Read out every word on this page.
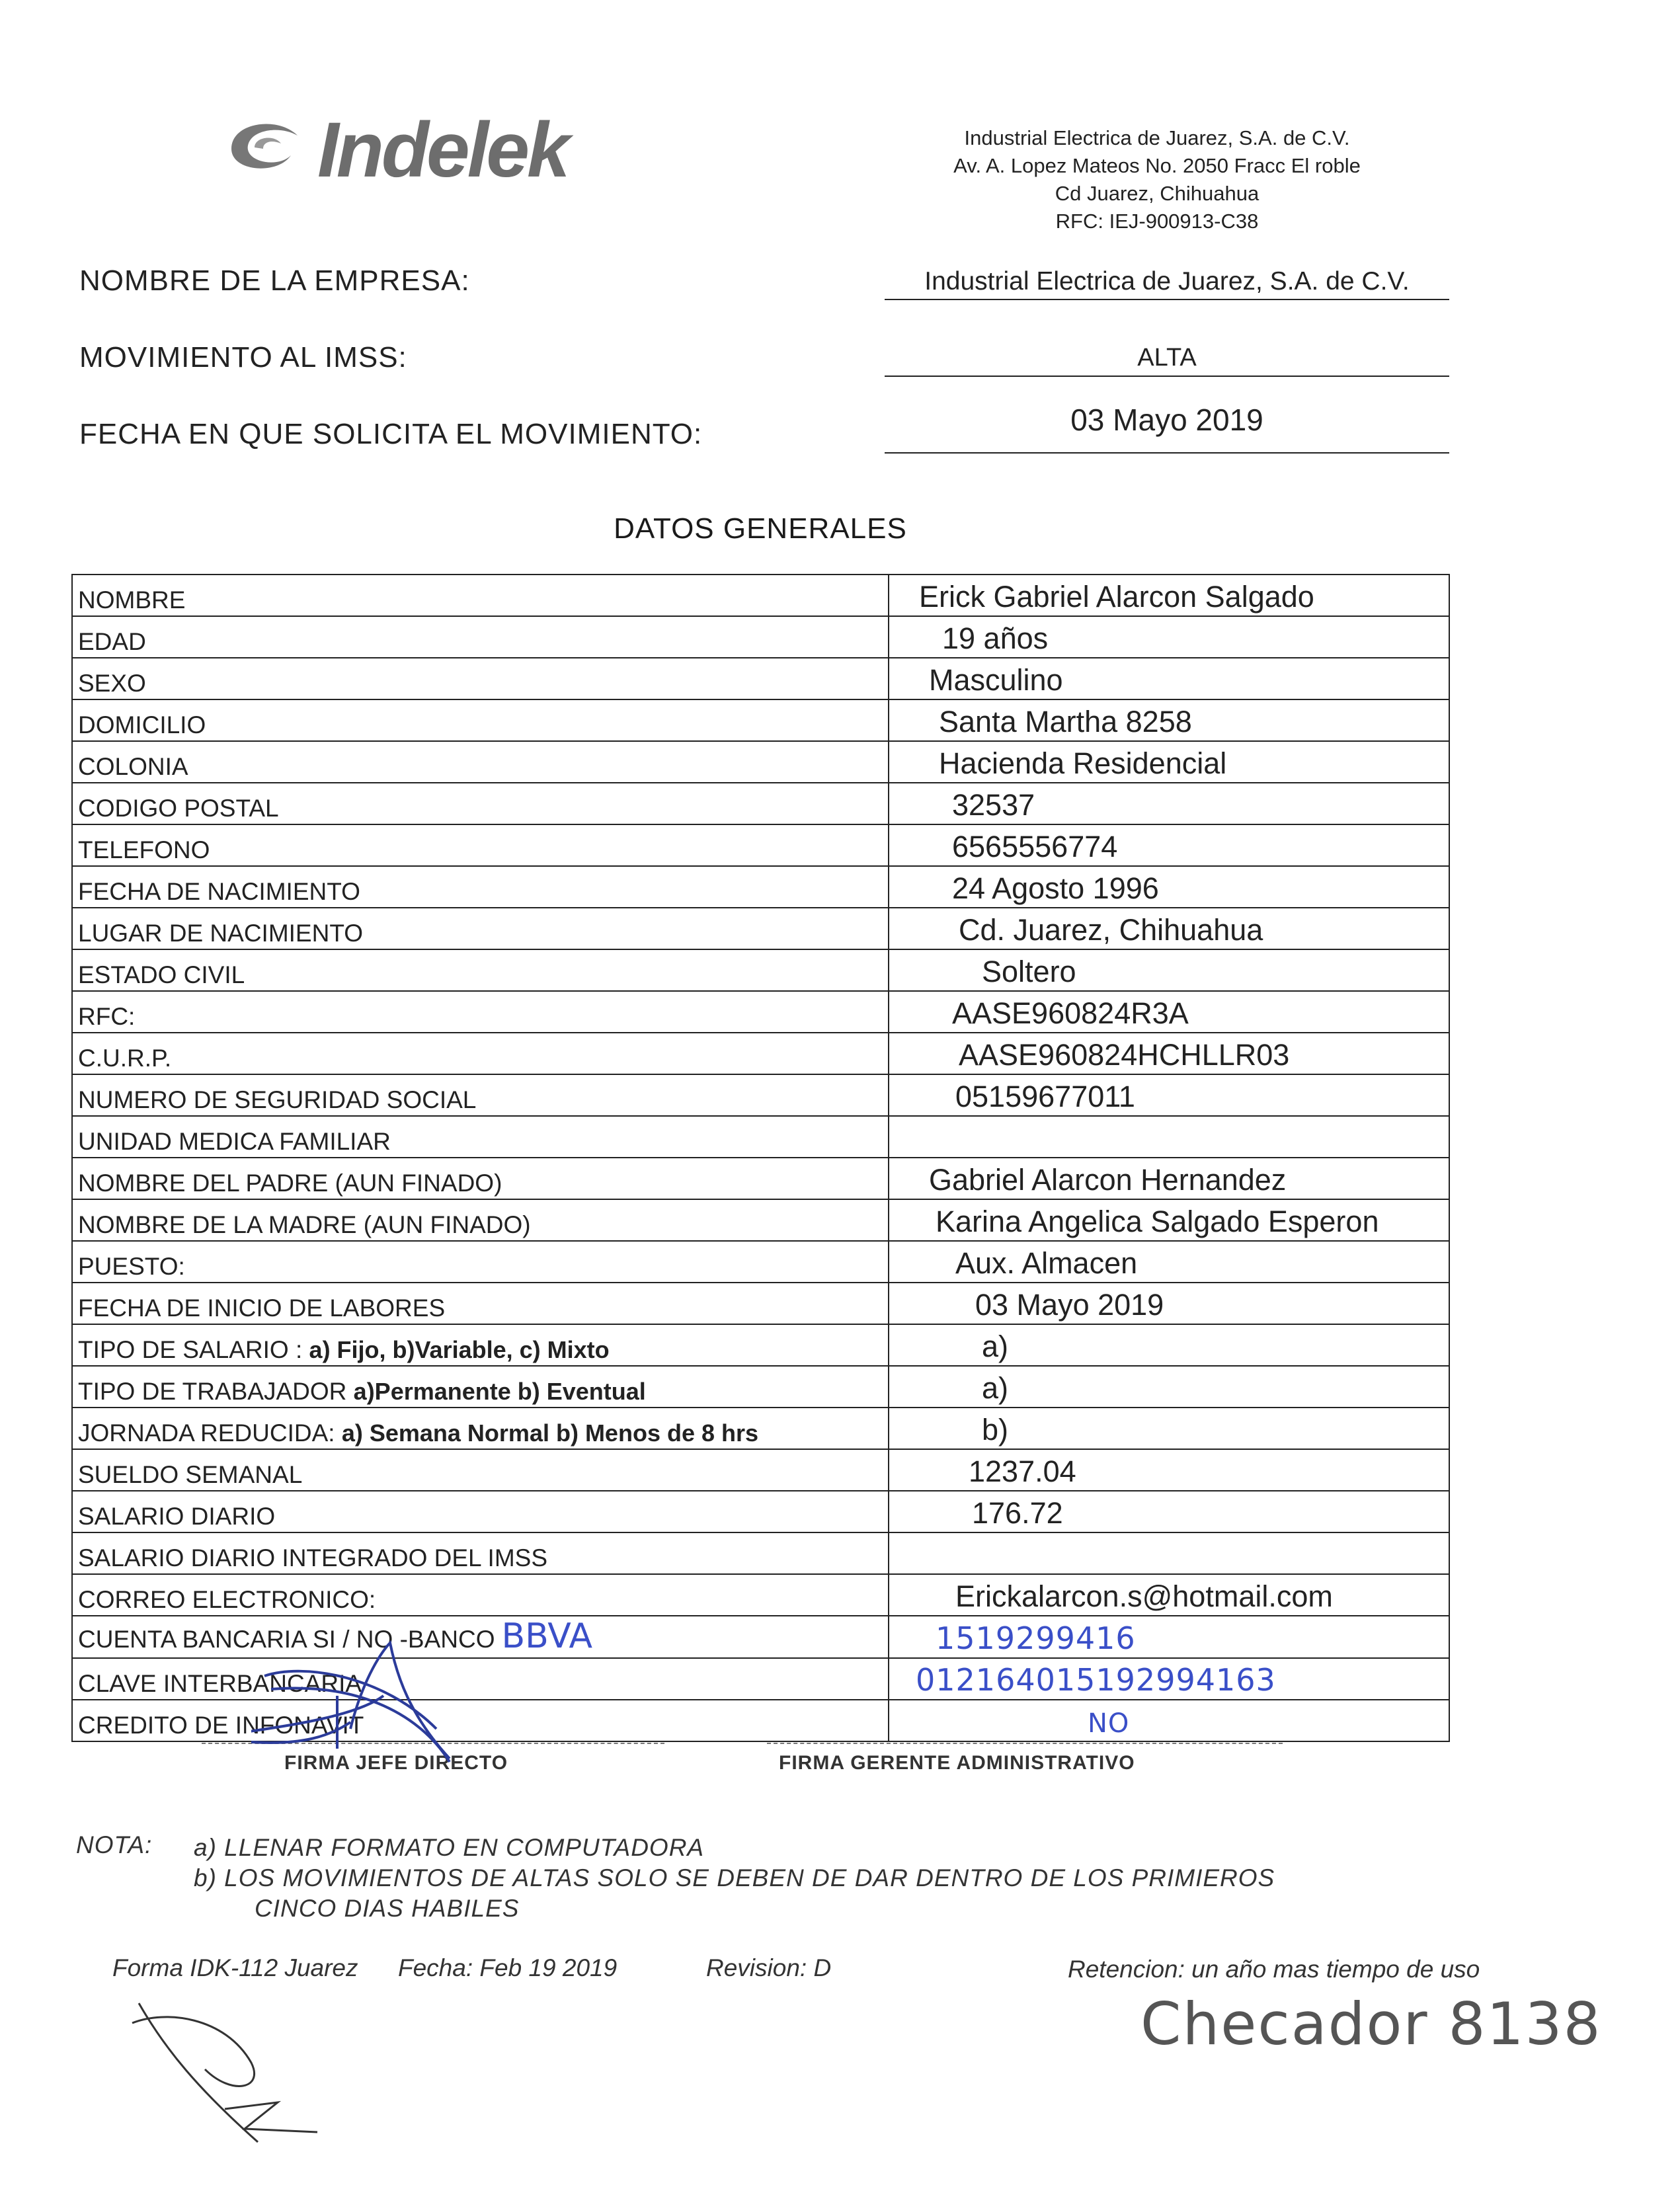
Indelek	Industrial Electrica de Juarez, S.A. de C.V.
Av. A. Lopez Mateos No. 2050 Fracc El roble
Cd Juarez, Chihuahua
RFC: IEJ-900913-C38
NOMBRE DE LA EMPRESA:	Industrial Electrica de Juarez, S.A. de C.V.
MOVIMIENTO AL IMSS:	ALTA
FECHA EN QUE SOLICITA EL MOVIMIENTO:	03 Mayo 2019
DATOS GENERALES
NOMBRE	Erick Gabriel Alarcon Salgado
EDAD	19 años
SEXO	Masculino
DOMICILIO	Santa Martha 8258
COLONIA	Hacienda Residencial
CODIGO POSTAL	32537
TELEFONO	6565556774
FECHA DE NACIMIENTO	24 Agosto 1996
LUGAR DE NACIMIENTO	Cd. Juarez, Chihuahua
ESTADO CIVIL	Soltero
RFC:	AASE960824R3A
C.U.R.P.	AASE960824HCHLLR03
NUMERO DE SEGURIDAD SOCIAL	05159677011
UNIDAD MEDICA FAMILIAR	
NOMBRE DEL PADRE (AUN FINADO)	Gabriel Alarcon Hernandez
NOMBRE DE LA MADRE (AUN FINADO)	Karina Angelica Salgado Esperon
PUESTO:	Aux. Almacen
FECHA DE INICIO DE LABORES	03 Mayo 2019
TIPO DE SALARIO : a) Fijo, b)Variable, c) Mixto	a)
TIPO DE TRABAJADOR a)Permanente b) Eventual	a)
JORNADA REDUCIDA: a) Semana Normal b) Menos de 8 hrs	b)
SUELDO SEMANAL	1237.04
SALARIO DIARIO	176.72
SALARIO DIARIO INTEGRADO DEL IMSS	
CORREO ELECTRONICO:	Erickalarcon.s@hotmail.com
CUENTA BANCARIA SI / NO -BANCO BBVA	1519299416
CLAVE INTERBANCARIA	012164015192994163
CREDITO DE INFONAVIT	NO
FIRMA JEFE DIRECTO	FIRMA GERENTE ADMINISTRATIVO
NOTA: a) LLENAR FORMATO EN COMPUTADORA
b) LOS MOVIMIENTOS DE ALTAS SOLO SE DEBEN DE DAR DENTRO DE LOS PRIMIEROS
CINCO DIAS HABILES
Forma IDK-112 Juarez Fecha: Feb 19 2019	Revision: D	Retencion: un año mas tiempo de uso
Checador 8138
